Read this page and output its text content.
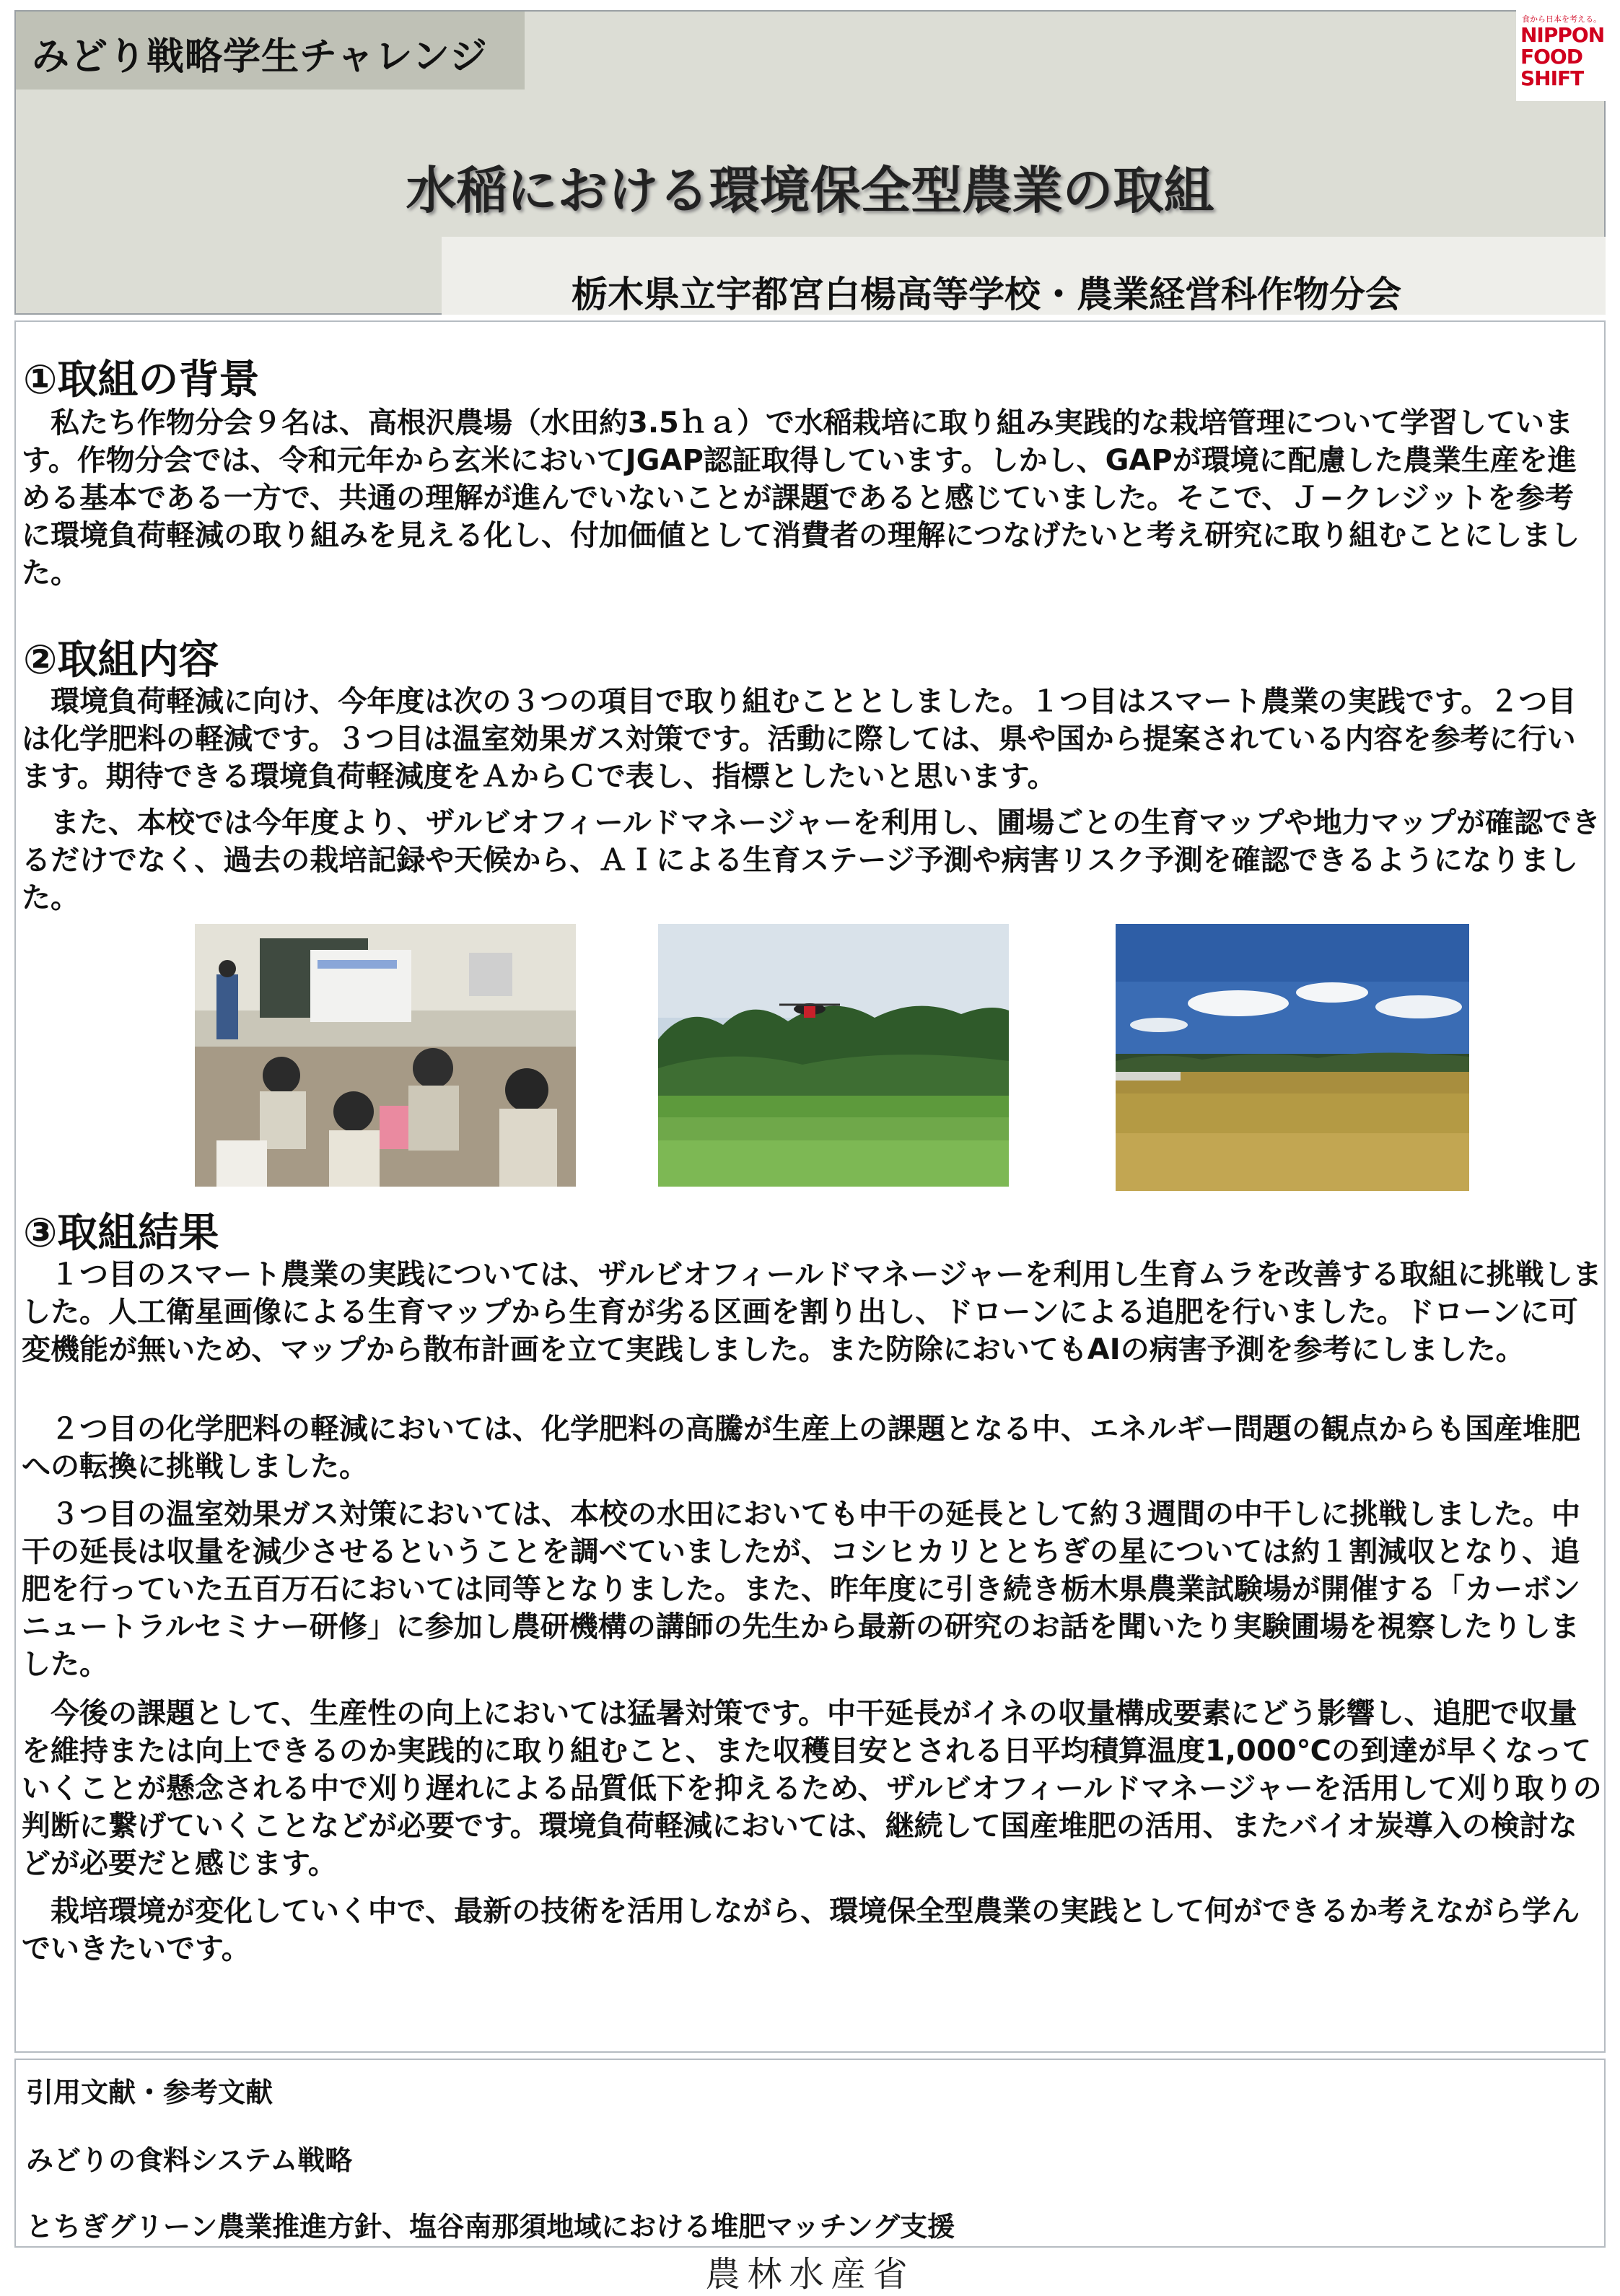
みどり戦略学生チャレンジ
食から日本を考える。
NIPPON
FOOD
SHIFT
水稲における環境保全型農業の取組
栃木県立宇都宮白楊高等学校・農業経営科作物分会
①取組の背景

　私たち作物分会９名は、高根沢農場（水田約3.5ｈａ）で水稲栽培に取り組み実践的な栽培管理について学習しています。作物分会では、令和元年から玄米においてJGAP認証取得しています。しかし、GAPが環境に配慮した農業生産を進める基本である一方で、共通の理解が進んでいないことが課題であると感じていました。そこで、Ｊ−クレジットを参考に環境負荷軽減の取り組みを見える化し、付加価値として消費者の理解につなげたいと考え研究に取り組むことにしました。

②取組内容

　環境負荷軽減に向け、今年度は次の３つの項目で取り組むこととしました。１つ目はスマート農業の実践です。２つ目は化学肥料の軽減です。３つ目は温室効果ガス対策です。活動に際しては、県や国から提案されている内容を参考に行います。期待できる環境負荷軽減度をＡからＣで表し、指標としたいと思います。

　また、本校では今年度より、ザルビオフィールドマネージャーを利用し、圃場ごとの生育マップや地力マップが確認できるだけでなく、過去の栽培記録や天候から、ＡＩによる生育ステージ予測や病害リスク予測を確認できるようになりました。

③取組結果

　１つ目のスマート農業の実践については、ザルビオフィールドマネージャーを利用し生育ムラを改善する取組に挑戦しました。人工衛星画像による生育マップから生育が劣る区画を割り出し、ドローンによる追肥を行いました。ドローンに可変機能が無いため、マップから散布計画を立て実践しました。また防除においてもAIの病害予測を参考にしました。

　２つ目の化学肥料の軽減においては、化学肥料の高騰が生産上の課題となる中、エネルギー問題の観点からも国産堆肥への転換に挑戦しました。

　３つ目の温室効果ガス対策においては、本校の水田においても中干の延長として約３週間の中干しに挑戦しました。中干の延長は収量を減少させるということを調べていましたが、コシヒカリととちぎの星については約１割減収となり、追肥を行っていた五百万石においては同等となりました。また、昨年度に引き続き栃木県農業試験場が開催する「カーボンニュートラルセミナー研修」に参加し農研機構の講師の先生から最新の研究のお話を聞いたり実験圃場を視察したりしました。

　今後の課題として、生産性の向上においては猛暑対策です。中干延長がイネの収量構成要素にどう影響し、追肥で収量を維持または向上できるのか実践的に取り組むこと、また収穫目安とされる日平均積算温度1,000℃の到達が早くなっていくことが懸念される中で刈り遅れによる品質低下を抑えるため、ザルビオフィールドマネージャーを活用して刈り取りの判断に繋げていくことなどが必要です。環境負荷軽減においては、継続して国産堆肥の活用、またバイオ炭導入の検討などが必要だと感じます。

　栽培環境が変化していく中で、最新の技術を活用しながら、環境保全型農業の実践として何ができるか考えながら学んでいきたいです。

引用文献・参考文献
みどりの食料システム戦略
とちぎグリーン農業推進方針、塩谷南那須地域における堆肥マッチング支援
農林水産省
